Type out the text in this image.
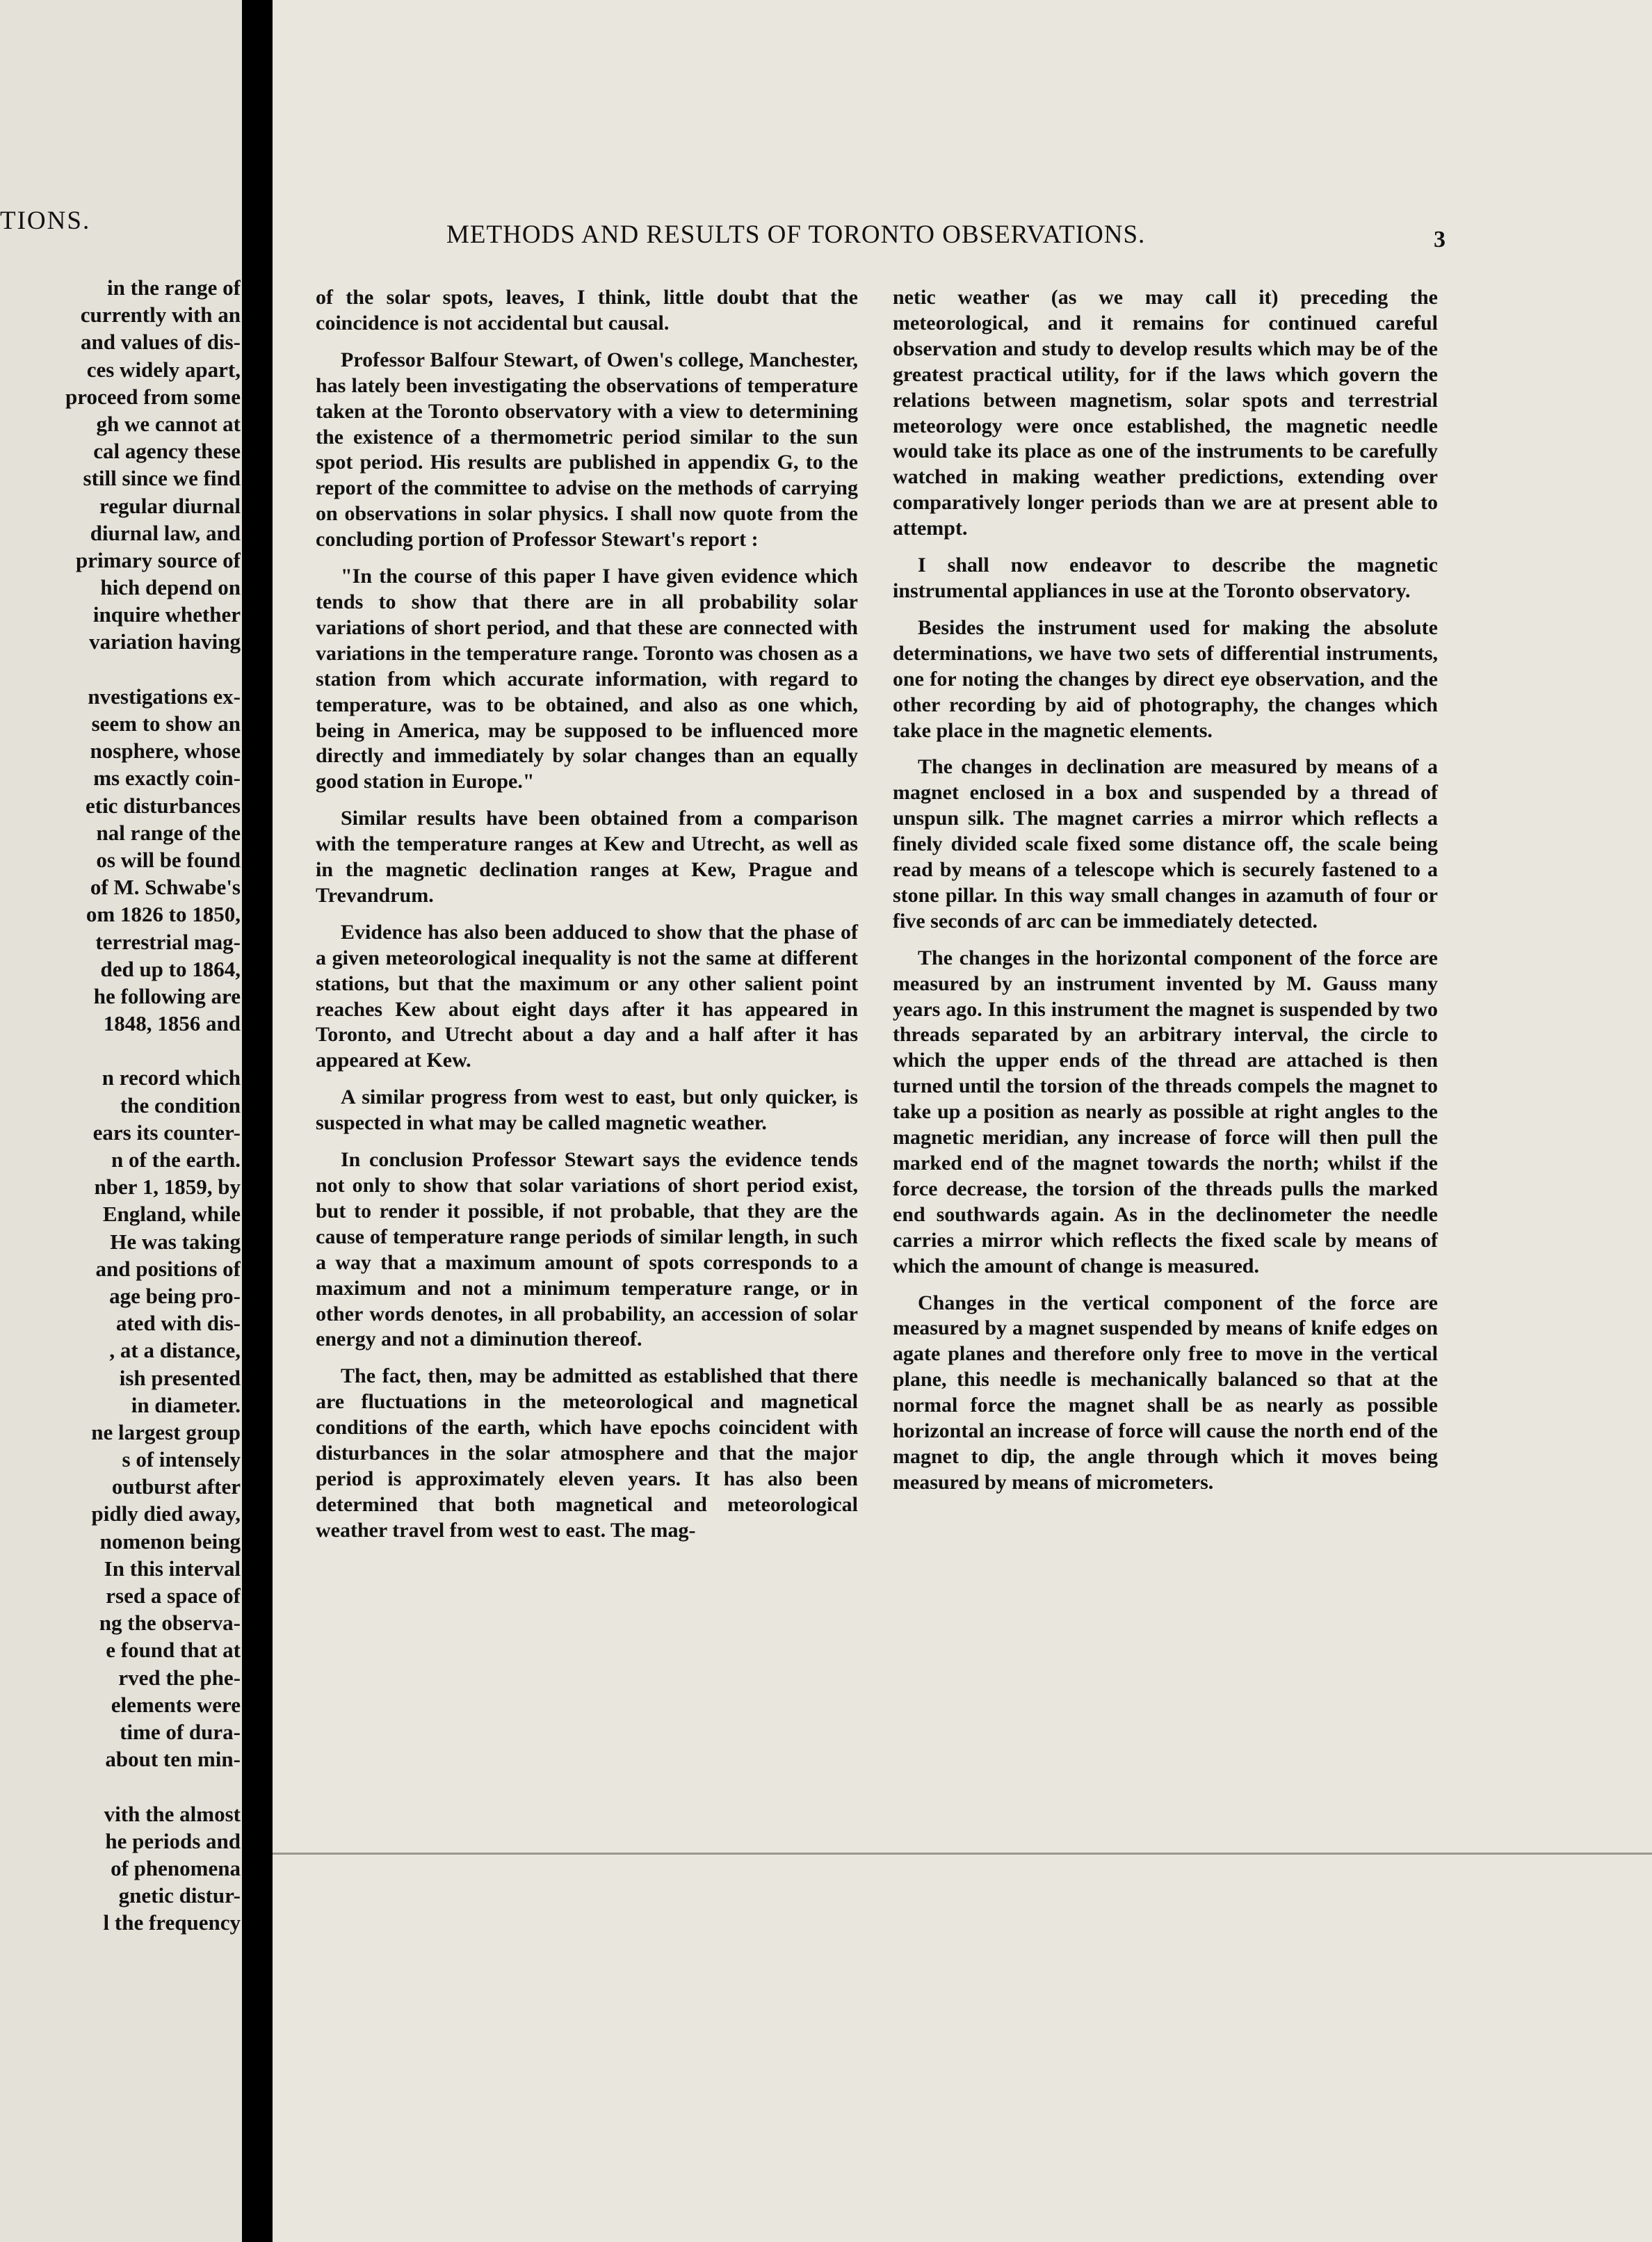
TIONS.
in the range of
currently with an
and values of dis-
ces widely apart,
proceed from some
gh we cannot at
cal agency these
still since we find
regular diurnal
diurnal law, and
primary source of
hich depend on
inquire whether
variation having
nvestigations ex-
seem to show an
nosphere, whose
ms exactly coin-
etic disturbances
nal range of the
os will be found
of M. Schwabe's
om 1826 to 1850,
terrestrial mag-
ded up to 1864,
he following are
1848, 1856 and
n record which
the condition
ears its counter-
n of the earth.
nber 1, 1859, by
England, while
He was taking
and positions of
age being pro-
ated with dis-
, at a distance,
ish presented
in diameter.
ne largest group
s of intensely
outburst after
pidly died away,
nomenon being
In this interval
rsed a space of
ng the observa-
e found that at
rved the phe-
elements were
time of dura-
about ten min-
vith the almost
he periods and
of phenomena
gnetic distur-
l the frequency
METHODS AND RESULTS OF TORONTO OBSERVATIONS.	3

of the solar spots, leaves, I think, little doubt that the coincidence is not accidental but causal.

Professor Balfour Stewart, of Owen's college, Manchester, has lately been investigating the observations of temperature taken at the Toronto observatory with a view to determining the existence of a thermometric period similar to the sun spot period. His results are published in appendix G, to the report of the committee to advise on the methods of carrying on observations in solar physics. I shall now quote from the concluding portion of Professor Stewart's report :

"In the course of this paper I have given evidence which tends to show that there are in all probability solar variations of short period, and that these are connected with variations in the temperature range. Toronto was chosen as a station from which accurate information, with regard to temperature, was to be obtained, and also as one which, being in America, may be supposed to be influenced more directly and immediately by solar changes than an equally good station in Europe."

Similar results have been obtained from a comparison with the temperature ranges at Kew and Utrecht, as well as in the magnetic declination ranges at Kew, Prague and Trevandrum.

Evidence has also been adduced to show that the phase of a given meteorological inequality is not the same at different stations, but that the maximum or any other salient point reaches Kew about eight days after it has appeared in Toronto, and Utrecht about a day and a half after it has appeared at Kew.

A similar progress from west to east, but only quicker, is suspected in what may be called magnetic weather.

In conclusion Professor Stewart says the evidence tends not only to show that solar variations of short period exist, but to render it possible, if not probable, that they are the cause of temperature range periods of similar length, in such a way that a maximum amount of spots corresponds to a maximum and not a minimum temperature range, or in other words denotes, in all probability, an accession of solar energy and not a diminution thereof.

The fact, then, may be admitted as established that there are fluctuations in the meteorological and magnetical conditions of the earth, which have epochs coincident with disturbances in the solar atmosphere and that the major period is approximately eleven years. It has also been determined that both magnetical and meteorological weather travel from west to east. The mag-

netic weather (as we may call it) preceding the meteorological, and it remains for continued careful observation and study to develop results which may be of the greatest practical utility, for if the laws which govern the relations between magnetism, solar spots and terrestrial meteorology were once established, the magnetic needle would take its place as one of the instruments to be carefully watched in making weather predictions, extending over comparatively longer periods than we are at present able to attempt.

I shall now endeavor to describe the magnetic instrumental appliances in use at the Toronto observatory.

Besides the instrument used for making the absolute determinations, we have two sets of differential instruments, one for noting the changes by direct eye observation, and the other recording by aid of photography, the changes which take place in the magnetic elements.

The changes in declination are measured by means of a magnet enclosed in a box and suspended by a thread of unspun silk. The magnet carries a mirror which reflects a finely divided scale fixed some distance off, the scale being read by means of a telescope which is securely fastened to a stone pillar. In this way small changes in azamuth of four or five seconds of arc can be immediately detected.

The changes in the horizontal component of the force are measured by an instrument invented by M. Gauss many years ago. In this instrument the magnet is suspended by two threads separated by an arbitrary interval, the circle to which the upper ends of the thread are attached is then turned until the torsion of the threads compels the magnet to take up a position as nearly as possible at right angles to the magnetic meridian, any increase of force will then pull the marked end of the magnet towards the north; whilst if the force decrease, the torsion of the threads pulls the marked end southwards again. As in the declinometer the needle carries a mirror which reflects the fixed scale by means of which the amount of change is measured.

Changes in the vertical component of the force are measured by a magnet suspended by means of knife edges on agate planes and therefore only free to move in the vertical plane, this needle is mechanically balanced so that at the normal force the magnet shall be as nearly as possible horizontal an increase of force will cause the north end of the magnet to dip, the angle through which it moves being measured by means of micrometers.
